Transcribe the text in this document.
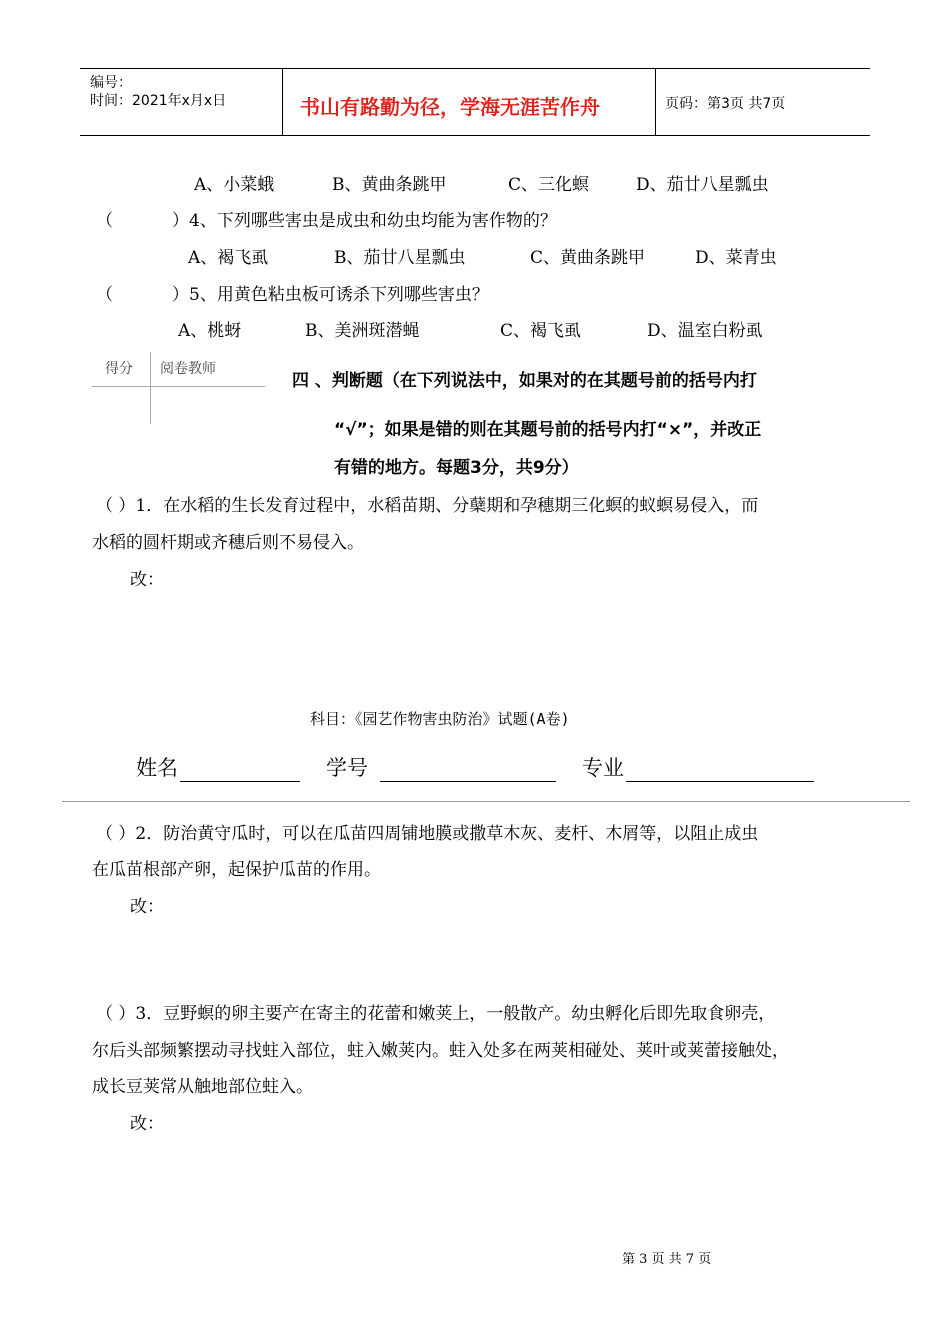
编号：
时间：2021年x月x日	书山有路勤为径，学海无涯苦作舟	页码：第3页 共7页
A、小菜蛾	B、黄曲条跳甲	C、三化螟	D、茄廿八星瓢虫
（	）4、下列哪些害虫是成虫和幼虫均能为害作物的？
A、褐飞虱	B、茄廿八星瓢虫	C、黄曲条跳甲	D、菜青虫
（	）5、用黄色粘虫板可诱杀下列哪些害虫？
A、桃蚜	B、美洲斑潜蝇	C、褐飞虱	D、温室白粉虱
得分 阅卷教师
四 、判断题（在下列说法中，如果对的在其题号前的括号内打
“√”；如果是错的则在其题号前的括号内打“×”，并改正
有错的地方。每题3分，共9分）
（ ）1．在水稻的生长发育过程中，水稻苗期、分蘖期和孕穗期三化螟的蚁螟易侵入，而
水稻的圆杆期或齐穗后则不易侵入。
改：
科目：《园艺作物害虫防治》试题(A卷)
姓名	学号	专业
（ ）2．防治黄守瓜时，可以在瓜苗四周铺地膜或撒草木灰、麦杆、木屑等，以阻止成虫
在瓜苗根部产卵，起保护瓜苗的作用。
改：
（ ）3．豆野螟的卵主要产在寄主的花蕾和嫩荚上，一般散产。幼虫孵化后即先取食卵壳，
尔后头部频繁摆动寻找蛀入部位，蛀入嫩荚内。蛀入处多在两荚相碰处、荚叶或荚蕾接触处，
成长豆荚常从触地部位蛀入。
改：
第 3 页 共 7 页
